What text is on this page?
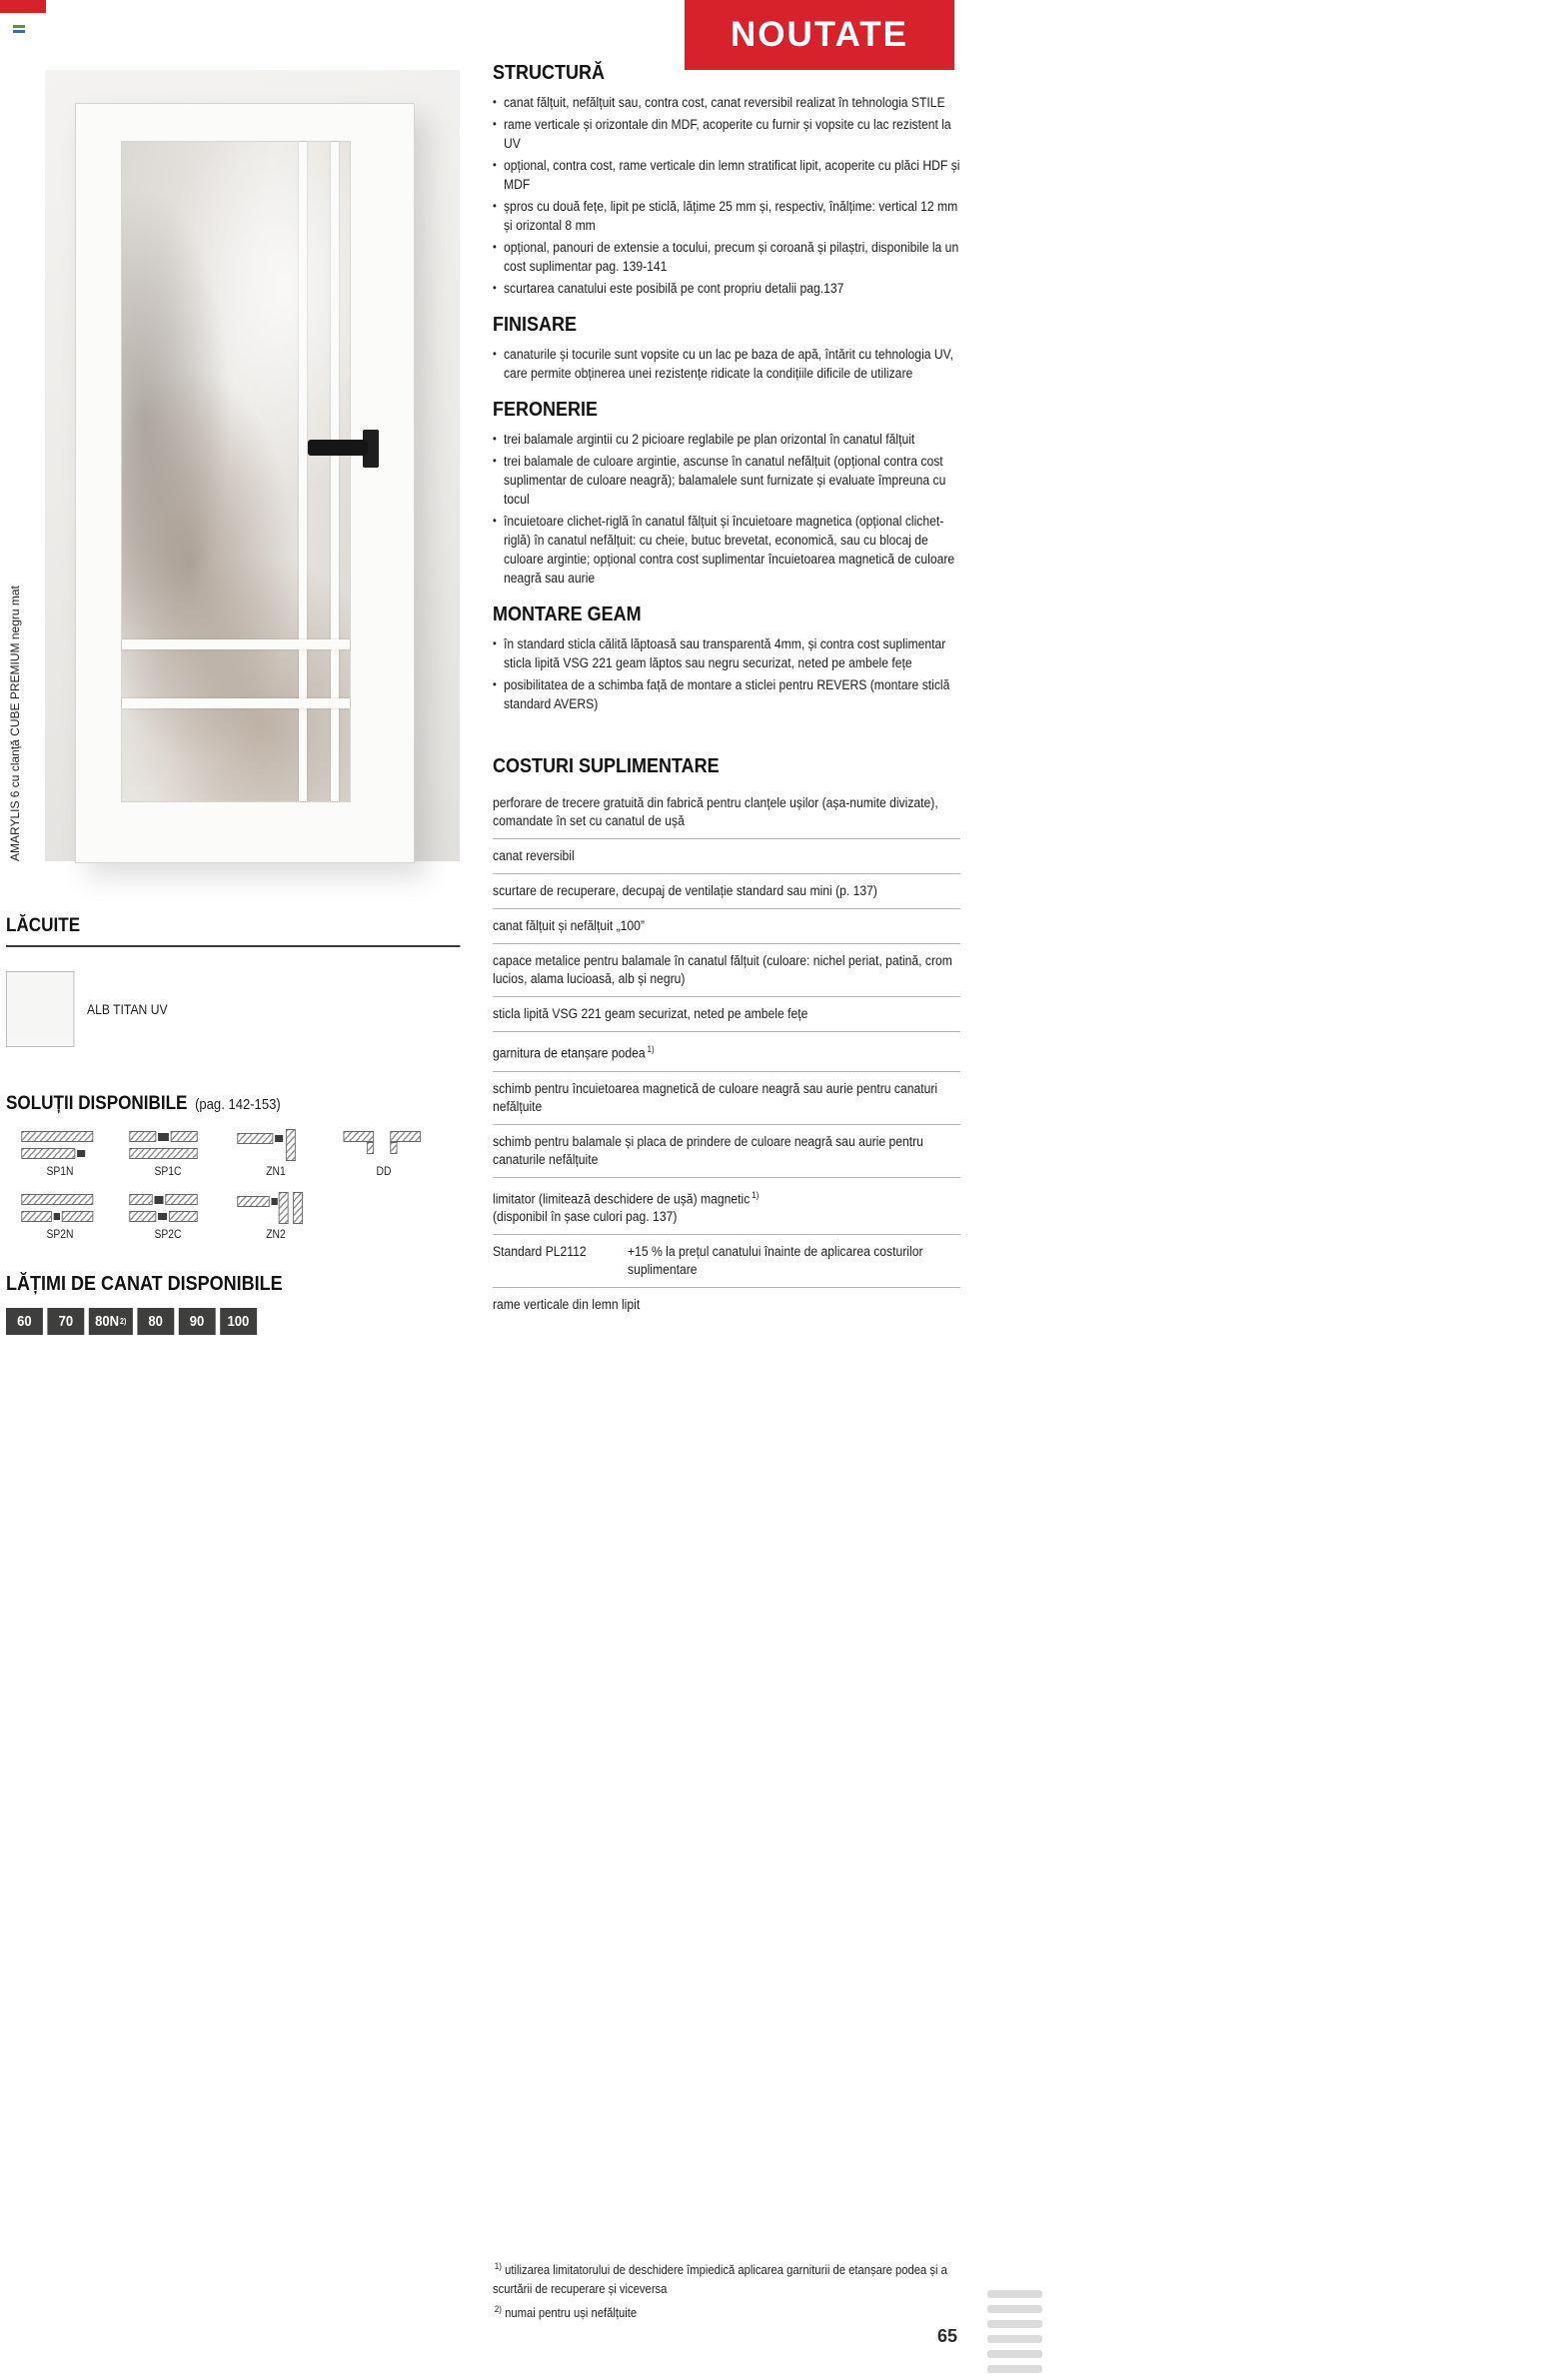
NOUTATE
AMARYLIS 6 cu clanță CUBE PREMIUM negru mat
STRUCTURĂ
• canat fălțuit, nefălțuit sau, contra cost, canat reversibil realizat în tehnologia STILE

• rame verticale și orizontale din MDF, acoperite cu furnir și vopsite cu lac rezistent la UV

• opțional, contra cost, rame verticale din lemn stratificat lipit, acoperite cu plăci HDF și MDF

• șpros cu două fețe, lipit pe sticlă, lățime 25 mm și, respectiv, înălțime: vertical 12 mm și orizontal 8 mm

• opțional, panouri de extensie a tocului, precum și coroană și pilaștri, disponibile la un cost suplimentar pag. 139-141

• scurtarea canatului este posibilă pe cont propriu detalii pag.137

FINISARE
• canaturile și tocurile sunt vopsite cu un lac pe baza de apă, întărit cu tehnologia UV, care permite obținerea unei rezistențe ridicate la condițiile dificile de utilizare

FERONERIE
• trei balamale argintii cu 2 picioare reglabile pe plan orizontal în canatul fălțuit

• trei balamale de culoare argintie, ascunse în canatul nefălțuit (opțional contra cost suplimentar de culoare neagră); balamalele sunt furnizate și evaluate împreuna cu tocul

• încuietoare clichet-riglă în canatul fălțuit și încuietoare magnetica (opțional clichet-riglă) în canatul nefălțuit: cu cheie, butuc brevetat, economică, sau cu blocaj de culoare argintie; opțional contra cost suplimentar încuietoarea magnetică de culoare neagră sau aurie

MONTARE GEAM
• în standard sticla călită lăptoasă sau transparentă 4mm, și contra cost suplimentar sticla lipită VSG 221 geam lăptos sau negru securizat, neted pe ambele fețe

• posibilitatea de a schimba față de montare a sticlei pentru REVERS (montare sticlă standard AVERS)

COSTURI SUPLIMENTARE

perforare de trecere gratuită din fabrică pentru clanțele ușilor (așa-numite divizate), comandate în set cu canatul de ușă

canat reversibil

scurtare de recuperare, decupaj de ventilație standard sau mini (p. 137)

canat fălțuit și nefălțuit „100”

capace metalice pentru balamale în canatul fălțuit (culoare: nichel periat, patină, crom lucios, alama lucioasă, alb și negru)

sticla lipită VSG 221 geam securizat, neted pe ambele fețe

garnitura de etanșare podea $^{1)}$

schimb pentru încuietoarea magnetică de culoare neagră sau aurie pentru canaturi nefălțuite

schimb pentru balamale și placa de prindere de culoare neagră sau aurie pentru canaturile nefălțuite

limitator (limitează deschidere de ușă) magnetic $^{1)}$

(disponibil în șase culori pag. 137)

Standard PL2112	+15 % la prețul canatului înainte de aplicarea costurilor suplimentare

rame verticale din lemn lipit

LĂCUITE
ALB TITAN UV
SOLUȚII DISPONIBILE (pag. 142-153)
SP1N	SP1C	ZN1	DD
SP2N	SP2C	ZN2
LĂȚIMI DE CANAT DISPONIBILE
60 70 80N 2) 80 90 100
$^{1)}$ utilizarea limitatorului de deschidere împiedică aplicarea garniturii de etanșare podea și a scurtării de recuperare și viceversa
$^{2)}$ numai pentru uși nefălțuite
65
